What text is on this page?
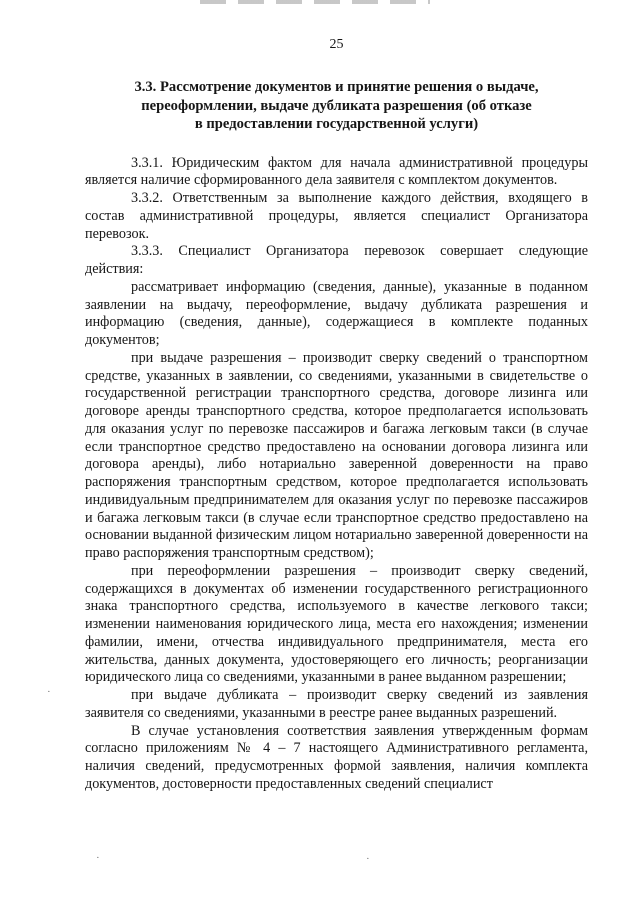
25

3.3. Рассмотрение документов и принятие решения о выдаче,
переоформлении, выдаче дубликата разрешения (об отказе
в предоставлении государственной услуги)

3.3.1. Юридическим фактом для начала административной процедуры является наличие сформированного дела заявителя с комплектом документов.

3.3.2. Ответственным за выполнение каждого действия, входящего в состав административной процедуры, является специалист Организатора перевозок.

3.3.3. Специалист Организатора перевозок совершает следующие действия:

рассматривает информацию (сведения, данные), указанные в поданном заявлении на выдачу, переоформление, выдачу дубликата разрешения и информацию (сведения, данные), содержащиеся в комплекте поданных документов;

при выдаче разрешения – производит сверку сведений о транспортном средстве, указанных в заявлении, со сведениями, указанными в свидетельстве о государственной регистрации транспортного средства, договоре лизинга или договоре аренды транспортного средства, которое предполагается использовать для оказания услуг по перевозке пассажиров и багажа легковым такси (в случае если транспортное средство предоставлено на основании договора лизинга или договора аренды), либо нотариально заверенной доверенности на право распоряжения транспортным средством, которое предполагается использовать индивидуальным предпринимателем для оказания услуг по перевозке пассажиров и багажа легковым такси (в случае если транспортное средство предоставлено на основании выданной физическим лицом нотариально заверенной доверенности на право распоряжения транспортным средством);

при переоформлении разрешения – производит сверку сведений, содержащихся в документах об изменении государственного регистрационного знака транспортного средства, используемого в качестве легкового такси; изменении наименования юридического лица, места его нахождения; изменении фамилии, имени, отчества индивидуального предпринимателя, места его жительства, данных документа, удостоверяющего его личность; реорганизации юридического лица со сведениями, указанными в ранее выданном разрешении;

при выдаче дубликата – производит сверку сведений из заявления заявителя со сведениями, указанными в реестре ранее выданных разрешений.

В случае установления соответствия заявления утвержденным формам согласно приложениям № 4 – 7 настоящего Административного регламента, наличия сведений, предусмотренных формой заявления, наличия комплекта документов, достоверности предоставленных сведений специалист

·
·	·
